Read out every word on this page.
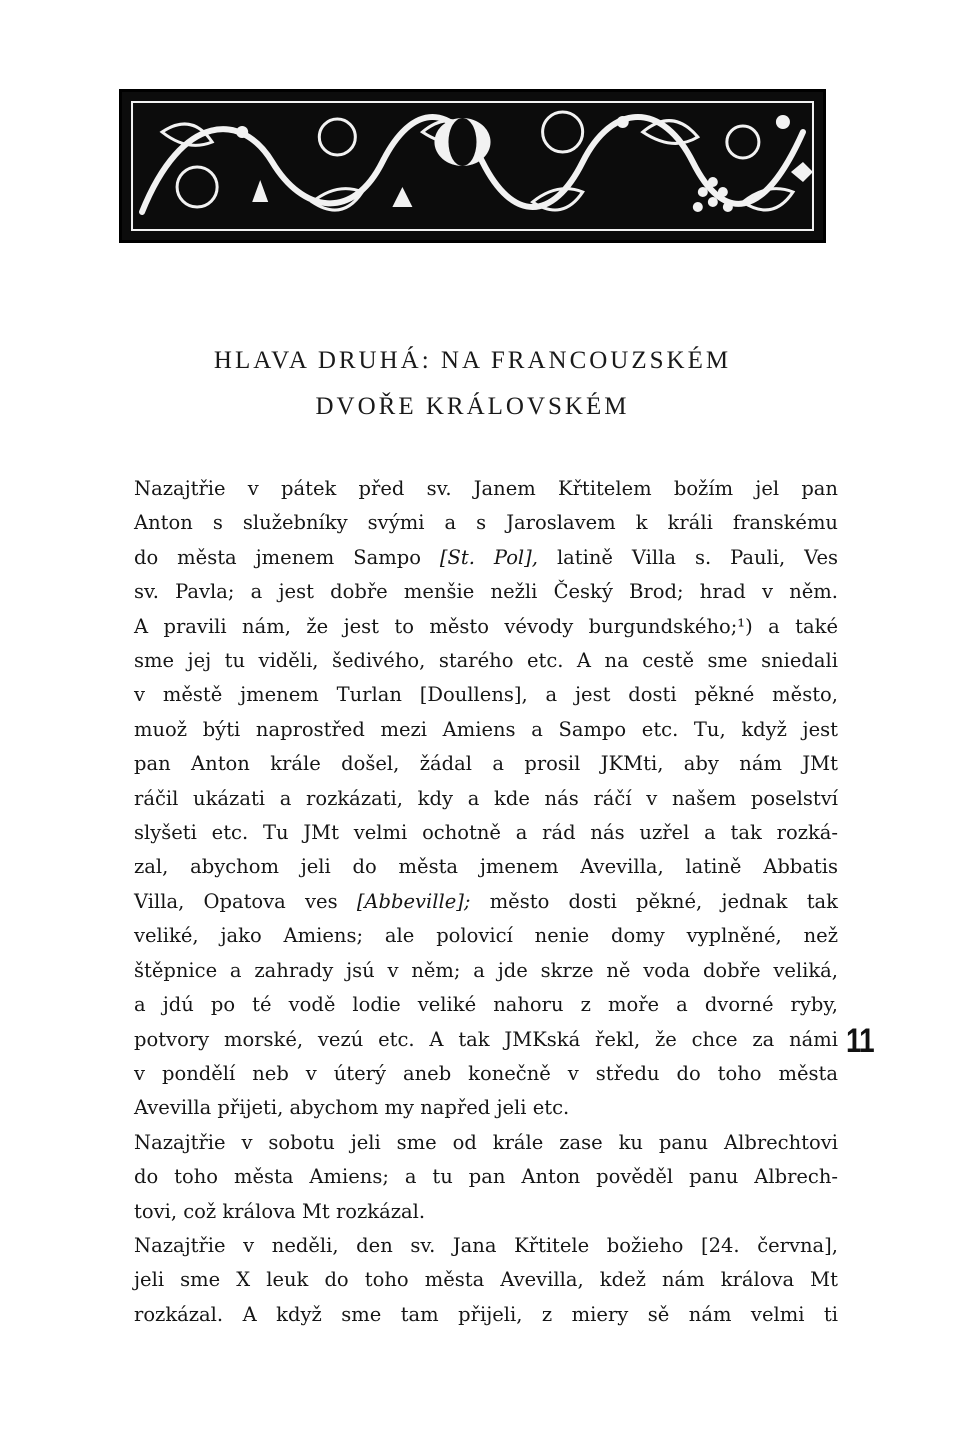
HLAVA DRUHÁ: NA FRANCOUZSKÉM
DVOŘE KRÁLOVSKÉM
Nazajtřie v pátek před sv. Janem Křtitelem božím jel pan
Anton s služebníky svými a s Jaroslavem k králi franskému
do města jmenem Sampo [St. Pol], latině Villa s. Pauli, Ves
sv. Pavla; a jest dobře menšie nežli Český Brod; hrad v něm.
A pravili nám, že jest to město vévody burgundského;¹) a také
sme jej tu viděli, šedivého, starého etc. A na cestě sme sniedali
v městě jmenem Turlan [Doullens], a jest dosti pěkné město,
muož býti naprostřed mezi Amiens a Sampo etc. Tu, když jest
pan Anton krále došel, žádal a prosil JKMti, aby nám JMt
ráčil ukázati a rozkázati, kdy a kde nás ráčí v našem poselství
slyšeti etc. Tu JMt velmi ochotně a rád nás uzřel a tak rozká-
zal, abychom jeli do města jmenem Avevilla, latině Abbatis
Villa, Opatova ves [Abbeville]; město dosti pěkné, jednak tak
veliké, jako Amiens; ale polovicí nenie domy vyplněné, než
štěpnice a zahrady jsú v něm; a jde skrze ně voda dobře veliká,
a jdú po té vodě lodie veliké nahoru z moře a dvorné ryby,
potvory morské, vezú etc. A tak JMKská řekl, že chce za námi
v pondělí neb v úterý aneb konečně v středu do toho města
Avevilla přijeti, abychom my napřed jeli etc.
Nazajtřie v sobotu jeli sme od krále zase ku panu Albrechtovi
do toho města Amiens; a tu pan Anton pověděl panu Albrech-
tovi, což králova Mt rozkázal.
Nazajtřie v neděli, den sv. Jana Křtitele božieho [24. června],
jeli sme X leuk do toho města Avevilla, kdež nám králova Mt
rozkázal. A když sme tam přijeli, z miery sě nám velmi ti
11
